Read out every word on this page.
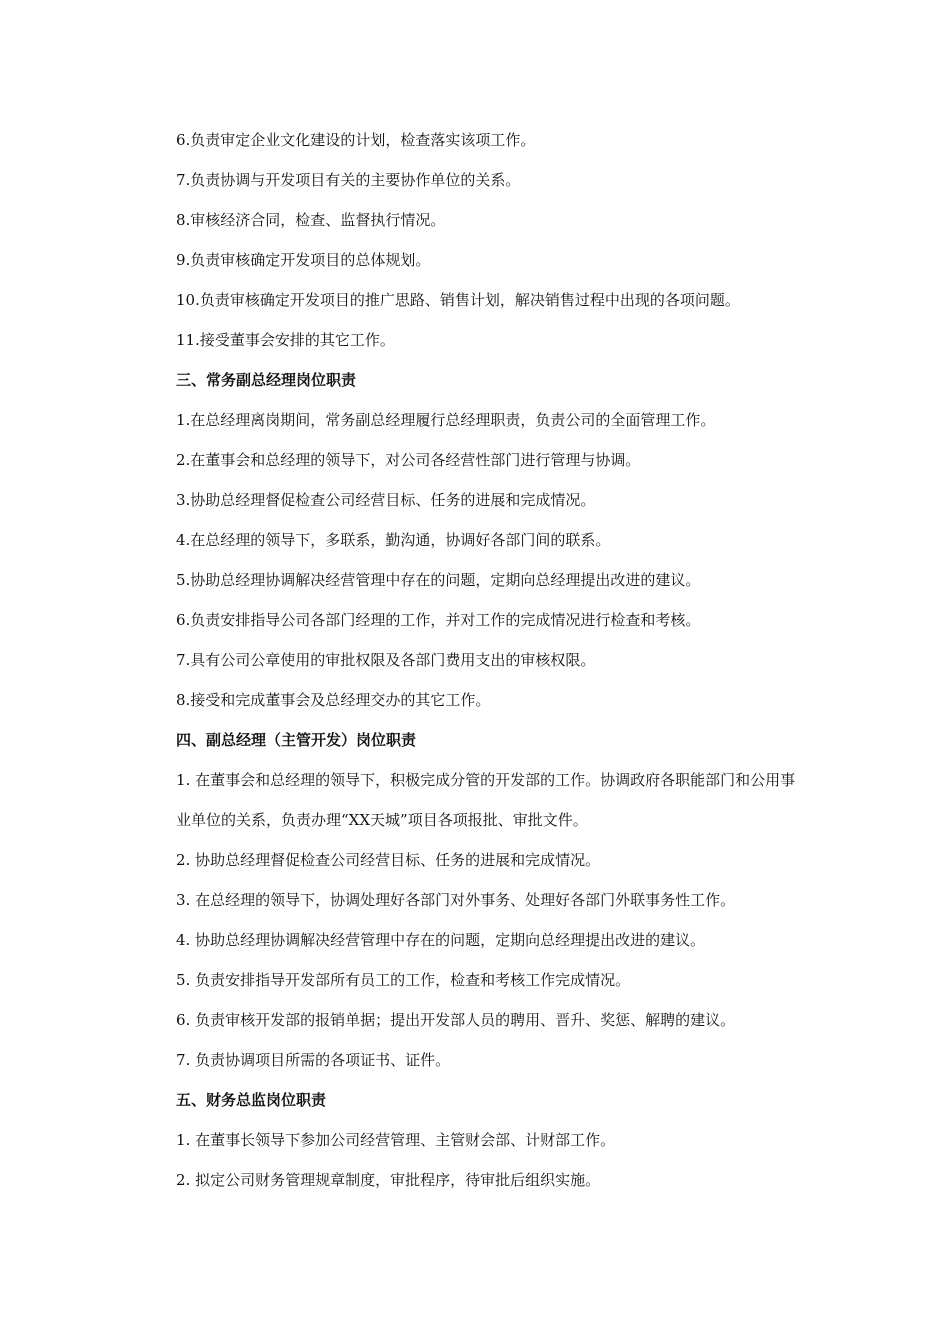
6.负责审定企业文化建设的计划，检查落实该项工作。
7.负责协调与开发项目有关的主要协作单位的关系。
8.审核经济合同，检查、监督执行情况。
9.负责审核确定开发项目的总体规划。
10.负责审核确定开发项目的推广思路、销售计划，解决销售过程中出现的各项问题。
11.接受董事会安排的其它工作。
三、常务副总经理岗位职责
1.在总经理离岗期间，常务副总经理履行总经理职责，负责公司的全面管理工作。
2.在董事会和总经理的领导下，对公司各经营性部门进行管理与协调。
3.协助总经理督促检查公司经营目标、任务的进展和完成情况。
4.在总经理的领导下，多联系，勤沟通，协调好各部门间的联系。
5.协助总经理协调解决经营管理中存在的问题，定期向总经理提出改进的建议。
6.负责安排指导公司各部门经理的工作，并对工作的完成情况进行检查和考核。
7.具有公司公章使用的审批权限及各部门费用支出的审核权限。
8.接受和完成董事会及总经理交办的其它工作。
四、副总经理（主管开发）岗位职责
1. 在董事会和总经理的领导下，积极完成分管的开发部的工作。协调政府各职能部门和公用事业单位的关系，负责办理“XX天城”项目各项报批、审批文件。
2. 协助总经理督促检查公司经营目标、任务的进展和完成情况。
3. 在总经理的领导下，协调处理好各部门对外事务、处理好各部门外联事务性工作。
4. 协助总经理协调解决经营管理中存在的问题，定期向总经理提出改进的建议。
5. 负责安排指导开发部所有员工的工作，检查和考核工作完成情况。
6. 负责审核开发部的报销单据；提出开发部人员的聘用、晋升、奖惩、解聘的建议。
7. 负责协调项目所需的各项证书、证件。
五、财务总监岗位职责
1. 在董事长领导下参加公司经营管理、主管财会部、计财部工作。
2. 拟定公司财务管理规章制度，审批程序，待审批后组织实施。
